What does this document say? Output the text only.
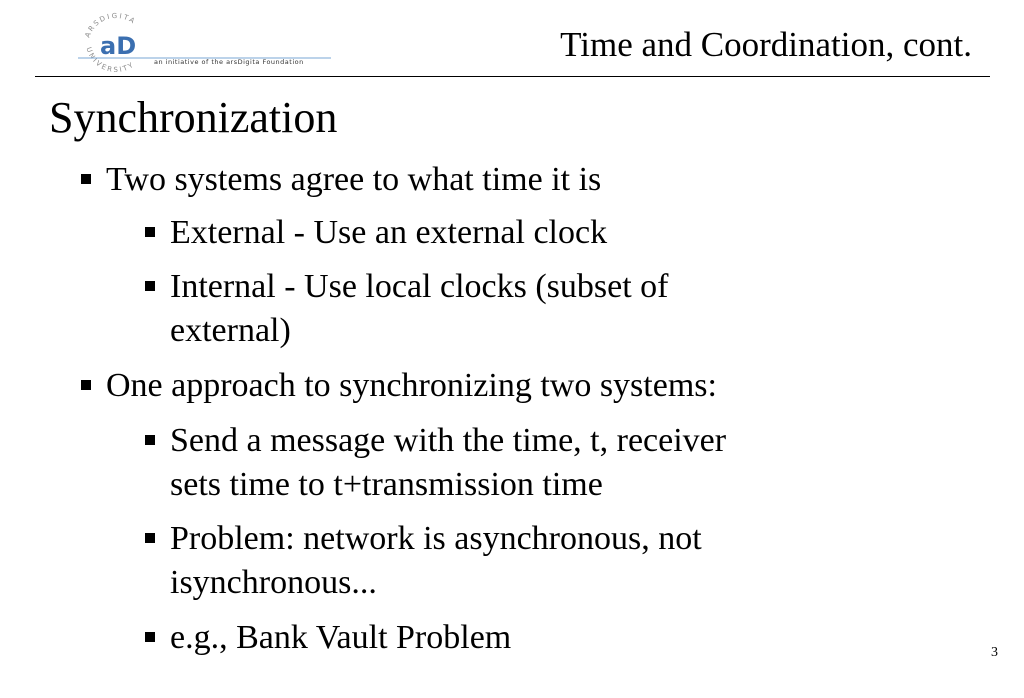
ARSDIGITA
UNIVERSITY
aD
an initiative of the arsDigita Foundation	Time and Coordination, cont.
Synchronization
Two systems agree to what time it is
External - Use an external clock
Internal - Use local clocks (subset of
external)
One approach to synchronizing two systems:
Send a message with the time, t, receiver
sets time to t+transmission time
Problem: network is asynchronous, not
isynchronous...
e.g., Bank Vault Problem	3
